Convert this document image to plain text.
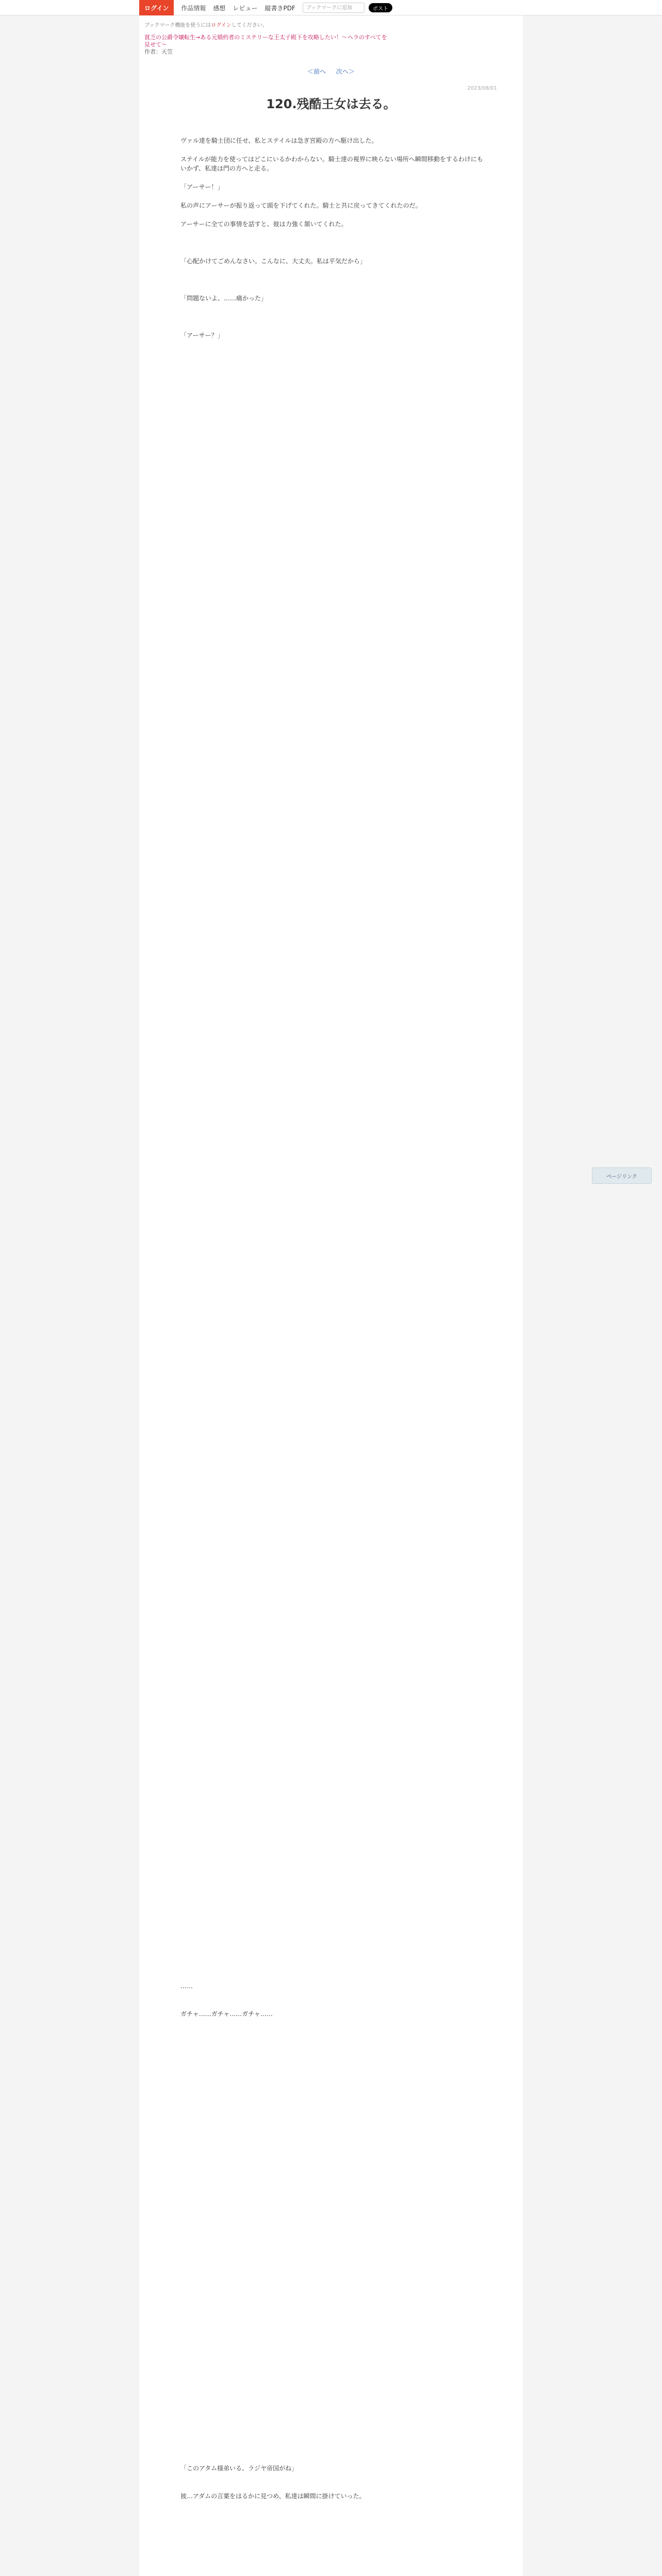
ログイン	作品情報 感想 レビュー 縦書きPDF	ブックマークに追加	ポスト
ブックマーク機能を使うにはログインしてください。
貧乏の公爵令嬢転生→ある元婚約者のミステリーな王太子殿下を攻略したい！〜ヘラのすべてを見せて〜
作者：天笠
＜前へ 次へ＞
2023/08/01
120.残酷王女は去る。

ヴァル達を騎士団に任せ、私とステイルは急ぎ宮殿の方へ駆け出した。

ステイルが能力を使ってはどこにいるかわからない。騎士達の視界に映らない場所へ瞬間移動をするわけにもいかず、私達は門の方へと走る。

「アーサー！」

私の声にアーサーが振り返って頭を下げてくれた。騎士と共に戻ってきてくれたのだ。

アーサーに全ての事情を話すと、彼は力強く頷いてくれた。

「心配かけてごめんなさい。こんなに、大丈夫。私は平気だから」

「問題ないよ、……痛かった」

「アーサー？」

……

ガチャ……ガチャ……ガチャ……

「このアタム様弟いる、ラジヤ帝国がね」

彼…アダムの言葉をはるかに見つめ、私達は瞬間に掛けていった。

ページリンク
